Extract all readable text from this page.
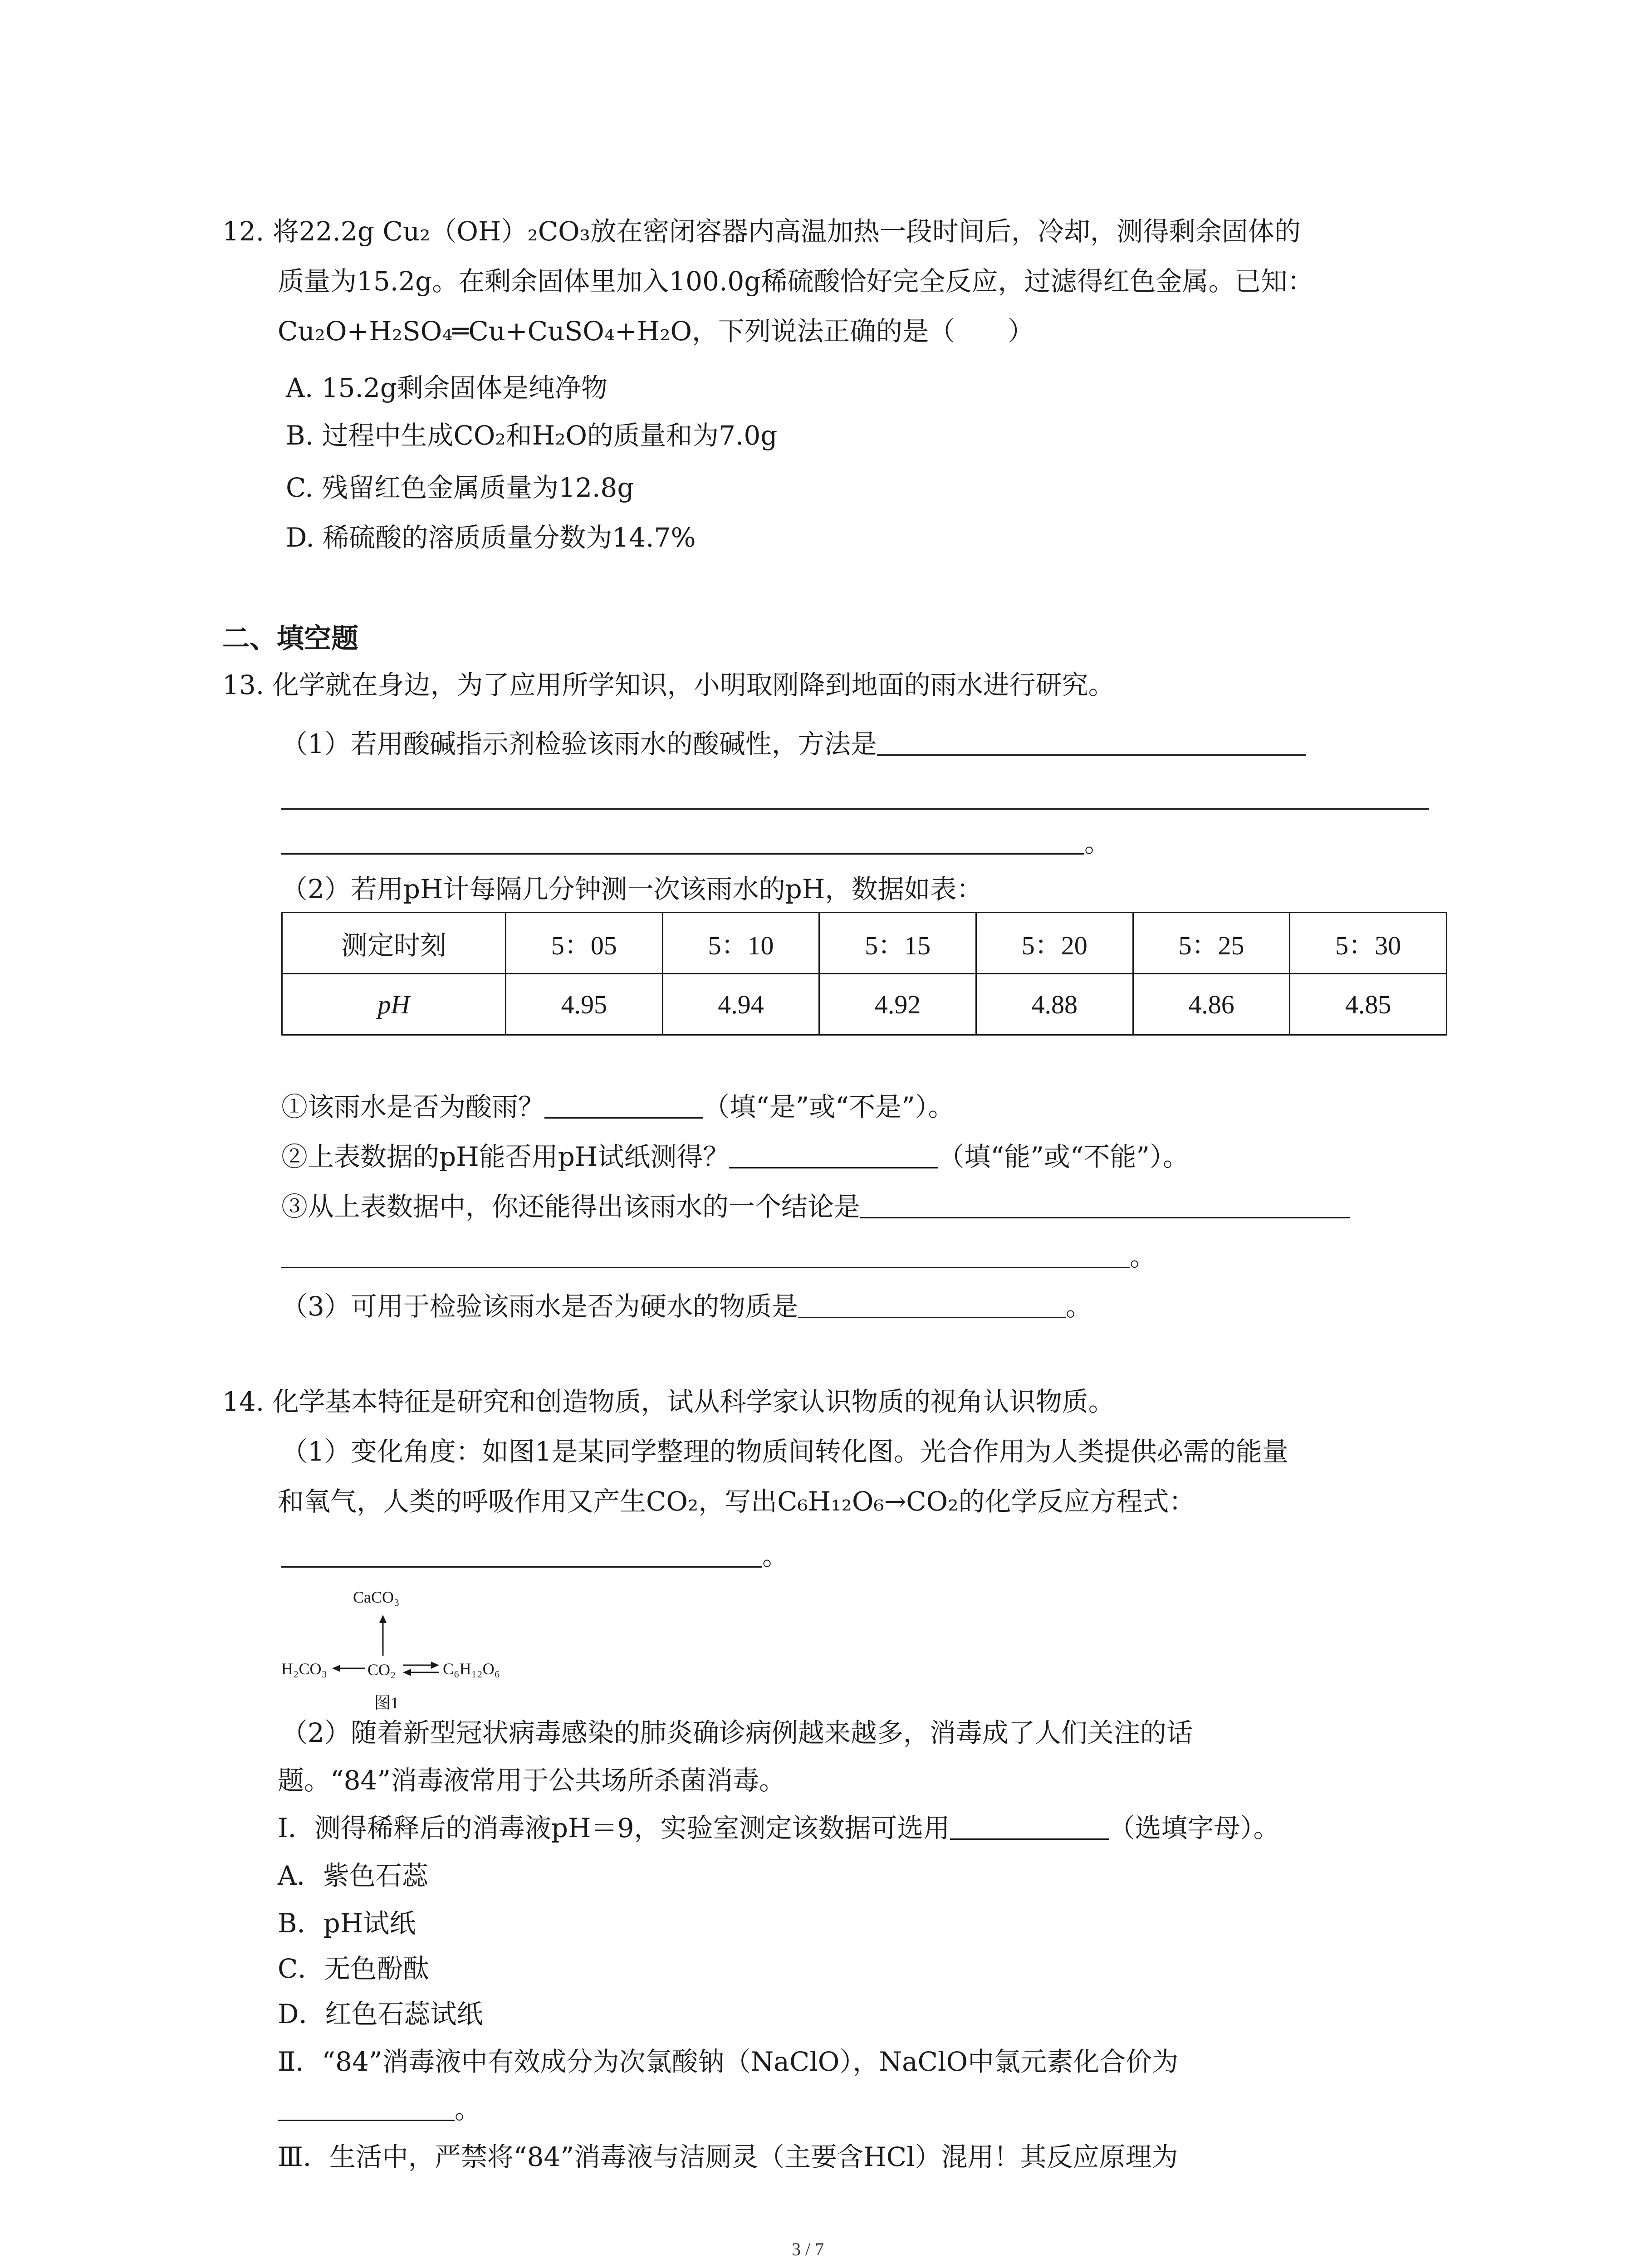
12. 将22.2g Cu₂（OH）₂CO₃放在密闭容器内高温加热一段时间后，冷却，测得剩余固体的
质量为15.2g。在剩余固体里加入100.0g稀硫酸恰好完全反应，过滤得红色金属。已知：
Cu₂O+H₂SO₄═Cu+CuSO₄+H₂O，下列说法正确的是（　　）
A. 15.2g剩余固体是纯净物
B. 过程中生成CO₂和H₂O的质量和为7.0g
C. 残留红色金属质量为12.8g
D. 稀硫酸的溶质质量分数为14.7%
二、填空题
13. 化学就在身边，为了应用所学知识，小明取刚降到地面的雨水进行研究。
（1）若用酸碱指示剂检验该雨水的酸碱性，方法是
。
（2）若用pH计每隔几分钟测一次该雨水的pH，数据如表：
测定时刻	5：05	5：10	5：15	5：20	5：25	5：30
pH	4.95	4.94	4.92	4.88	4.86	4.85
①该雨水是否为酸雨？	（填“是”或“不是”）。
②上表数据的pH能否用pH试纸测得？	（填“能”或“不能”）。
③从上表数据中，你还能得出该雨水的一个结论是
。
（3）可用于检验该雨水是否为硬水的物质是	。
14. 化学基本特征是研究和创造物质，试从科学家认识物质的视角认识物质。
（1）变化角度：如图1是某同学整理的物质间转化图。光合作用为人类提供必需的能量
和氧气，人类的呼吸作用又产生CO₂，写出C₆H₁₂O₆→CO₂的化学反应方程式：
。
CaCO₃
H₂CO₃ CO₂	C₆H₁₂O₆
图1
（2）随着新型冠状病毒感染的肺炎确诊病例越来越多，消毒成了人们关注的话
题。“84”消毒液常用于公共场所杀菌消毒。
Ⅰ．测得稀释后的消毒液pH＝9，实验室测定该数据可选用	（选填字母）。
A．紫色石蕊
B．pH试纸
C．无色酚酞
D．红色石蕊试纸
Ⅱ．“84”消毒液中有效成分为次氯酸钠（NaClO），NaClO中氯元素化合价为
。
Ⅲ．生活中，严禁将“84”消毒液与洁厕灵（主要含HCl）混用！其反应原理为
3 / 7
